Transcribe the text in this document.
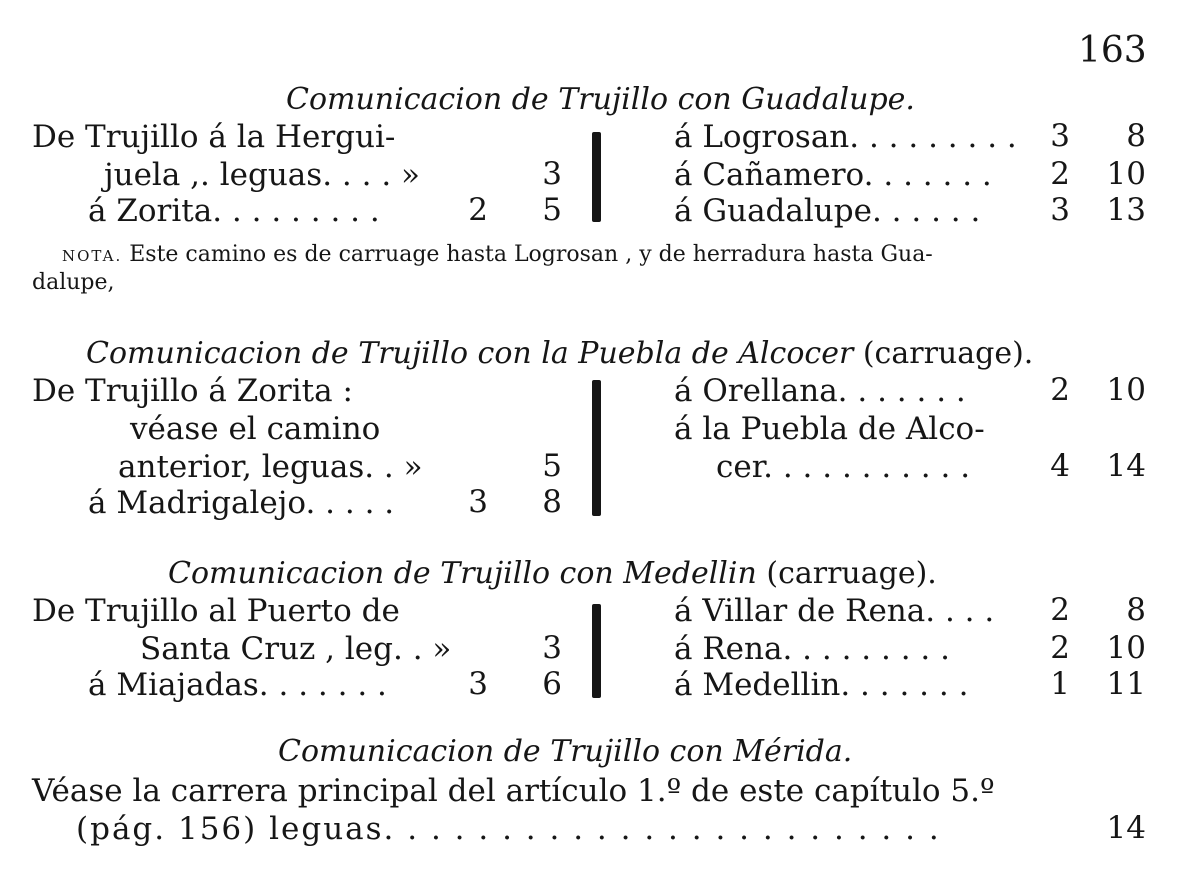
163
Comunicacion de Trujillo con Guadalupe.
De Trujillo á la Hergui-
juela ,. leguas. . . . »	3
á Zorita. . . . . . . . .	2	5
á Logrosan. . . . . . . . .	3	8
á Cañamero. . . . . . .	2 10
á Guadalupe. . . . . .	3 13
NOTA. Este camino es de carruage hasta Logrosan , y de herradura hasta Gua-
dalupe,
Comunicacion de Trujillo con la Puebla de Alcocer (carruage).
De Trujillo á Zorita :
véase el camino
anterior, leguas. . »	5
á Madrigalejo. . . . .	3	8
á Orellana. . . . . . .	2 10
á la Puebla de Alco-
cer. . . . . . . . . . .	4 14
Comunicacion de Trujillo con Medellin (carruage).
De Trujillo al Puerto de
Santa Cruz , leg. . »	3
á Miajadas. . . . . . .	3	6
á Villar de Rena. . . .	2	8
á Rena. . . . . . . . .	2 10
á Medellin. . . . . . .	1 11
Comunicacion de Trujillo con Mérida.
Véase la carrera principal del artículo 1.º de este capítulo 5.º
(pág. 156) leguas. . . . . . . . . . . . . . . . . . . . . . . .	14
